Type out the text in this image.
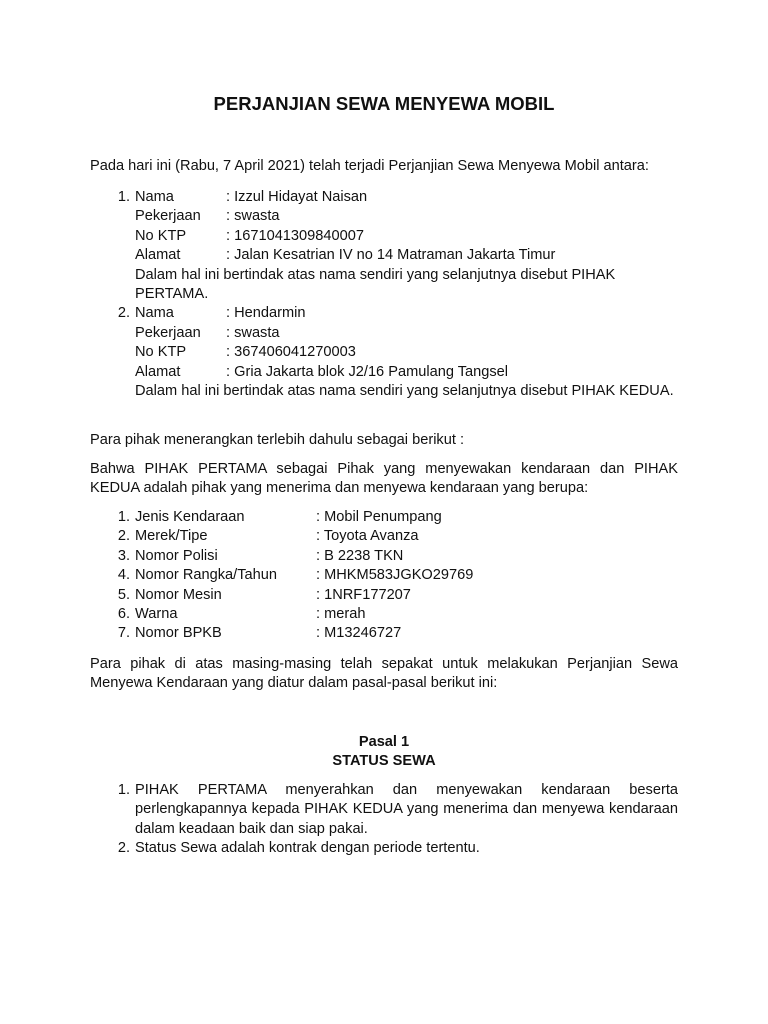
PERJANJIAN SEWA MENYEWA MOBIL
Pada hari ini (Rabu, 7 April 2021) telah terjadi Perjanjian Sewa Menyewa Mobil antara:
1. Nama	: Izzul Hidayat Naisan
Pekerjaan	: swasta
No KTP	: 1671041309840007
Alamat	: Jalan Kesatrian IV no 14 Matraman Jakarta Timur
Dalam hal ini bertindak atas nama sendiri yang selanjutnya disebut PIHAK PERTAMA.
2. Nama	: Hendarmin
Pekerjaan	: swasta
No KTP	: 367406041270003
Alamat	: Gria Jakarta blok J2/16 Pamulang Tangsel
Dalam hal ini bertindak atas nama sendiri yang selanjutnya disebut PIHAK KEDUA.
Para pihak menerangkan terlebih dahulu sebagai berikut :
Bahwa PIHAK PERTAMA sebagai Pihak yang menyewakan kendaraan dan PIHAK KEDUA adalah pihak yang menerima dan menyewa kendaraan yang berupa:
1. Jenis Kendaraan	: Mobil Penumpang
2. Merek/Tipe	: Toyota Avanza
3. Nomor Polisi	: B 2238 TKN
4. Nomor Rangka/Tahun	: MHKM583JGKO29769
5. Nomor Mesin	: 1NRF177207
6. Warna	: merah
7. Nomor BPKB	: M13246727
Para pihak di atas masing-masing telah sepakat untuk melakukan Perjanjian Sewa Menyewa Kendaraan yang diatur dalam pasal-pasal berikut ini:
Pasal 1
STATUS SEWA
1. PIHAK PERTAMA menyerahkan dan menyewakan kendaraan beserta perlengkapannya kepada PIHAK KEDUA yang menerima dan menyewa kendaraan dalam keadaan baik dan siap pakai.
2. Status Sewa adalah kontrak dengan periode tertentu.
